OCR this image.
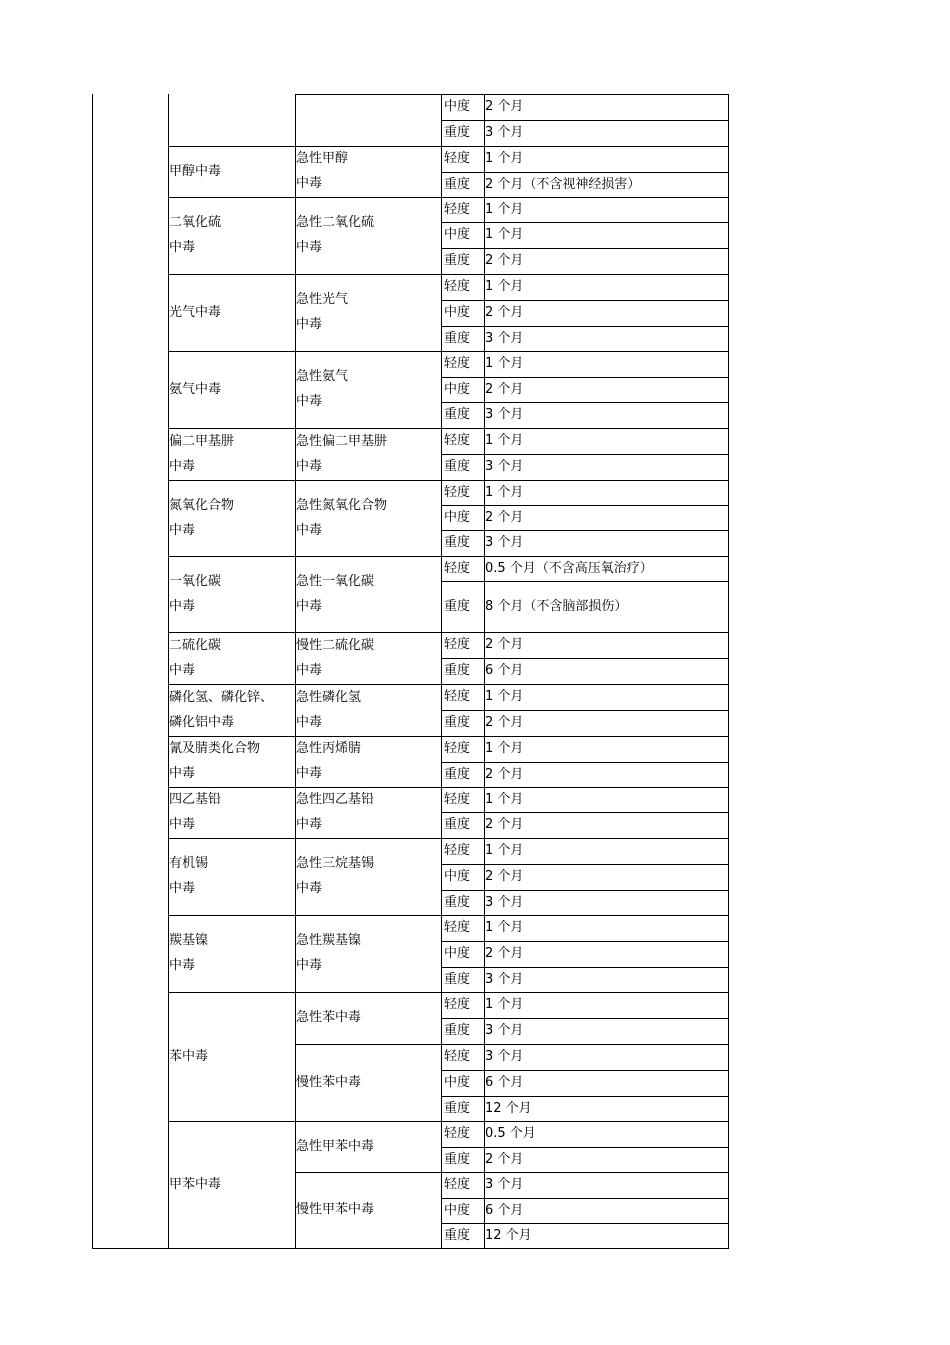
中度 2 个月
重度 3 个月
轻度 1 个月
重度 2 个月（不含视神经损害）
急性甲醇
中毒
甲醇中毒
轻度 1 个月
中度 1 个月
重度 2 个月
急性二氧化硫
中毒
二氧化硫
中毒
轻度 1 个月
中度 2 个月
重度 3 个月
急性光气
中毒
光气中毒
轻度 1 个月
中度 2 个月
重度 3 个月
急性氨气
中毒
氨气中毒
轻度 1 个月
重度 3 个月
急性偏二甲基肼
中毒
偏二甲基肼
中毒
轻度 1 个月
中度 2 个月
重度 3 个月
急性氮氧化合物
中毒
氮氧化合物
中毒
轻度 0.5 个月（不含高压氧治疗）
重度 8 个月（不含脑部损伤）
急性一氧化碳
中毒
一氧化碳
中毒
轻度 2 个月
重度 6 个月
慢性二硫化碳
中毒
二硫化碳
中毒
轻度 1 个月
重度 2 个月
急性磷化氢
中毒
磷化氢、磷化锌、
磷化铝中毒
轻度 1 个月
重度 2 个月
急性丙烯腈
中毒
氰及腈类化合物
中毒
轻度 1 个月
重度 2 个月
急性四乙基铅
中毒
四乙基铅
中毒
轻度 1 个月
中度 2 个月
重度 3 个月
急性三烷基锡
中毒
有机锡
中毒
轻度 1 个月
中度 2 个月
重度 3 个月
急性羰基镍
中毒
羰基镍
中毒
轻度 1 个月
重度 3 个月
急性苯中毒
轻度 3 个月
中度 6 个月
重度 12 个月
慢性苯中毒
苯中毒
轻度 0.5 个月
重度 2 个月
急性甲苯中毒
轻度 3 个月
中度 6 个月
重度 12 个月
慢性甲苯中毒
甲苯中毒
